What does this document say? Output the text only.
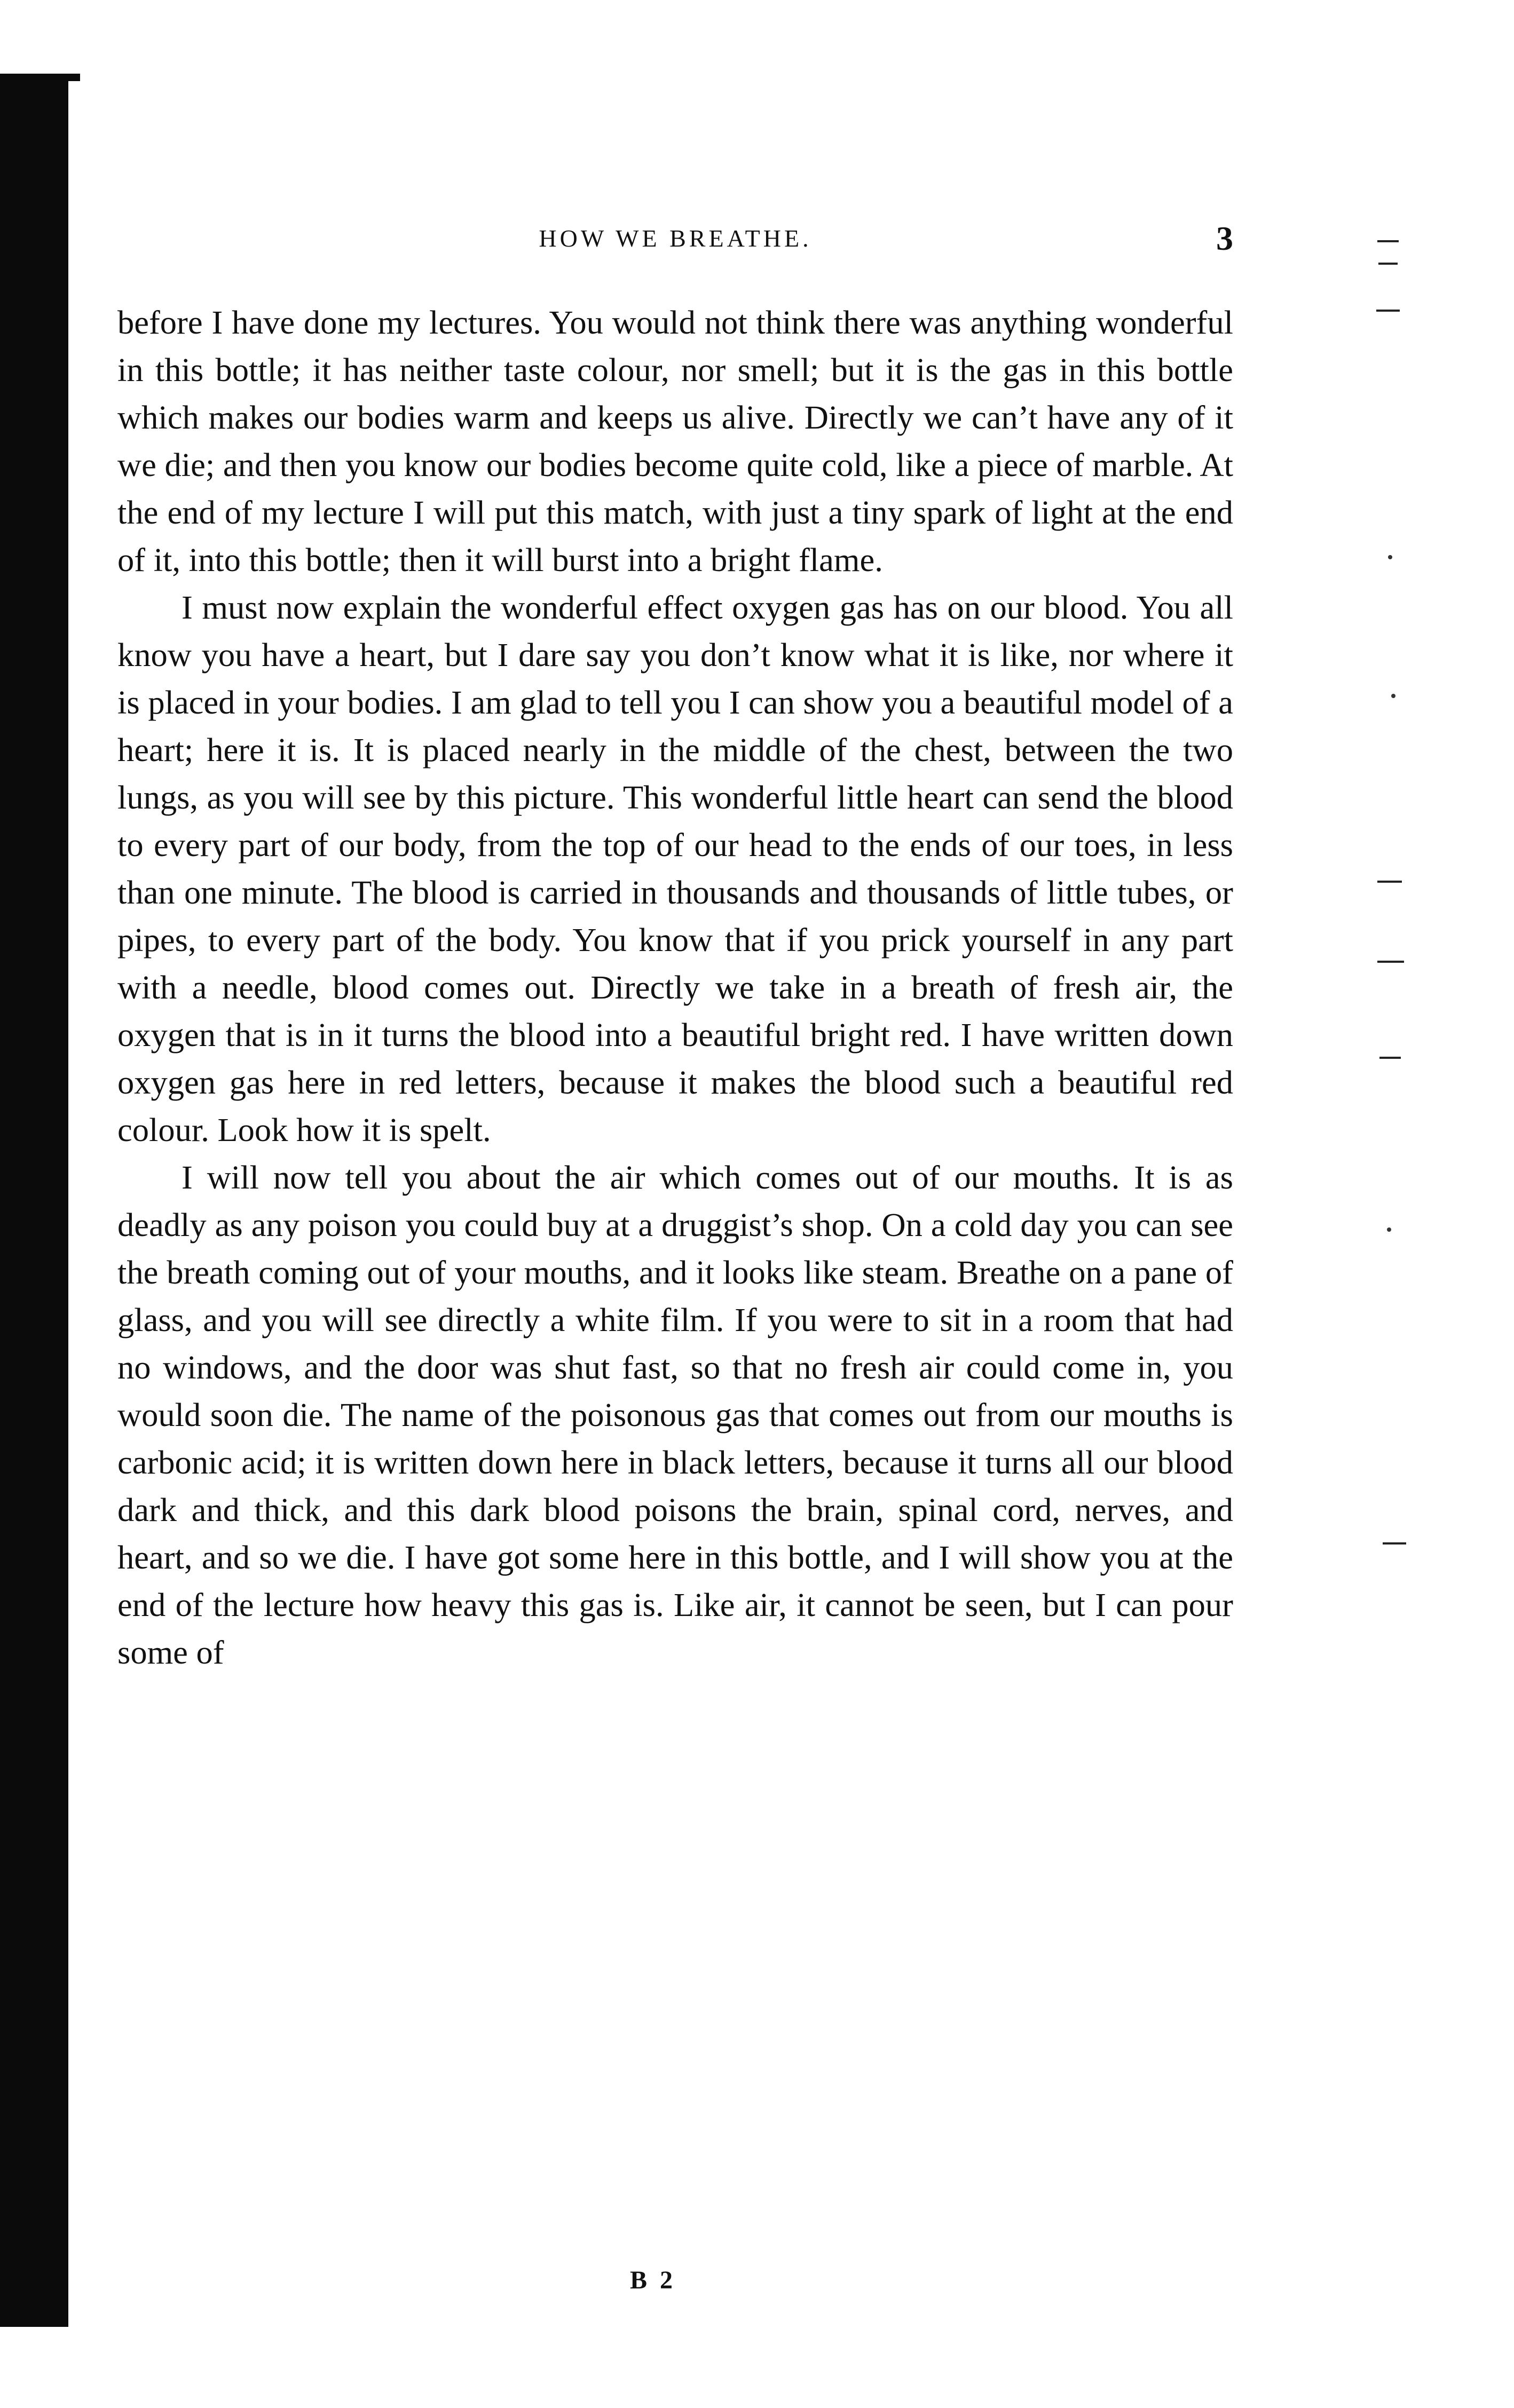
HOW WE BREATHE.	3

before I have done my lectures. You would not think there was anything wonderful in this bottle; it has neither taste colour, nor smell; but it is the gas in this bottle which makes our bodies warm and keeps us alive. Directly we can’t have any of it we die; and then you know our bodies become quite cold, like a piece of marble. At the end of my lecture I will put this match, with just a tiny spark of light at the end of it, into this bottle; then it will burst into a bright flame.

I must now explain the wonderful effect oxygen gas has on our blood. You all know you have a heart, but I dare say you don’t know what it is like, nor where it is placed in your bodies. I am glad to tell you I can show you a beautiful model of a heart; here it is. It is placed nearly in the middle of the chest, between the two lungs, as you will see by this picture. This wonderful little heart can send the blood to every part of our body, from the top of our head to the ends of our toes, in less than one minute. The blood is carried in thousands and thousands of little tubes, or pipes, to every part of the body. You know that if you prick yourself in any part with a needle, blood comes out. Directly we take in a breath of fresh air, the oxygen that is in it turns the blood into a beautiful bright red. I have written down oxygen gas here in red letters, because it makes the blood such a beautiful red colour. Look how it is spelt.

I will now tell you about the air which comes out of our mouths. It is as deadly as any poison you could buy at a druggist’s shop. On a cold day you can see the breath coming out of your mouths, and it looks like steam. Breathe on a pane of glass, and you will see directly a white film. If you were to sit in a room that had no windows, and the door was shut fast, so that no fresh air could come in, you would soon die. The name of the poisonous gas that comes out from our mouths is carbonic acid; it is written down here in black letters, because it turns all our blood dark and thick, and this dark blood poisons the brain, spinal cord, nerves, and heart, and so we die. I have got some here in this bottle, and I will show you at the end of the lecture how heavy this gas is. Like air, it cannot be seen, but I can pour some of

B 2
